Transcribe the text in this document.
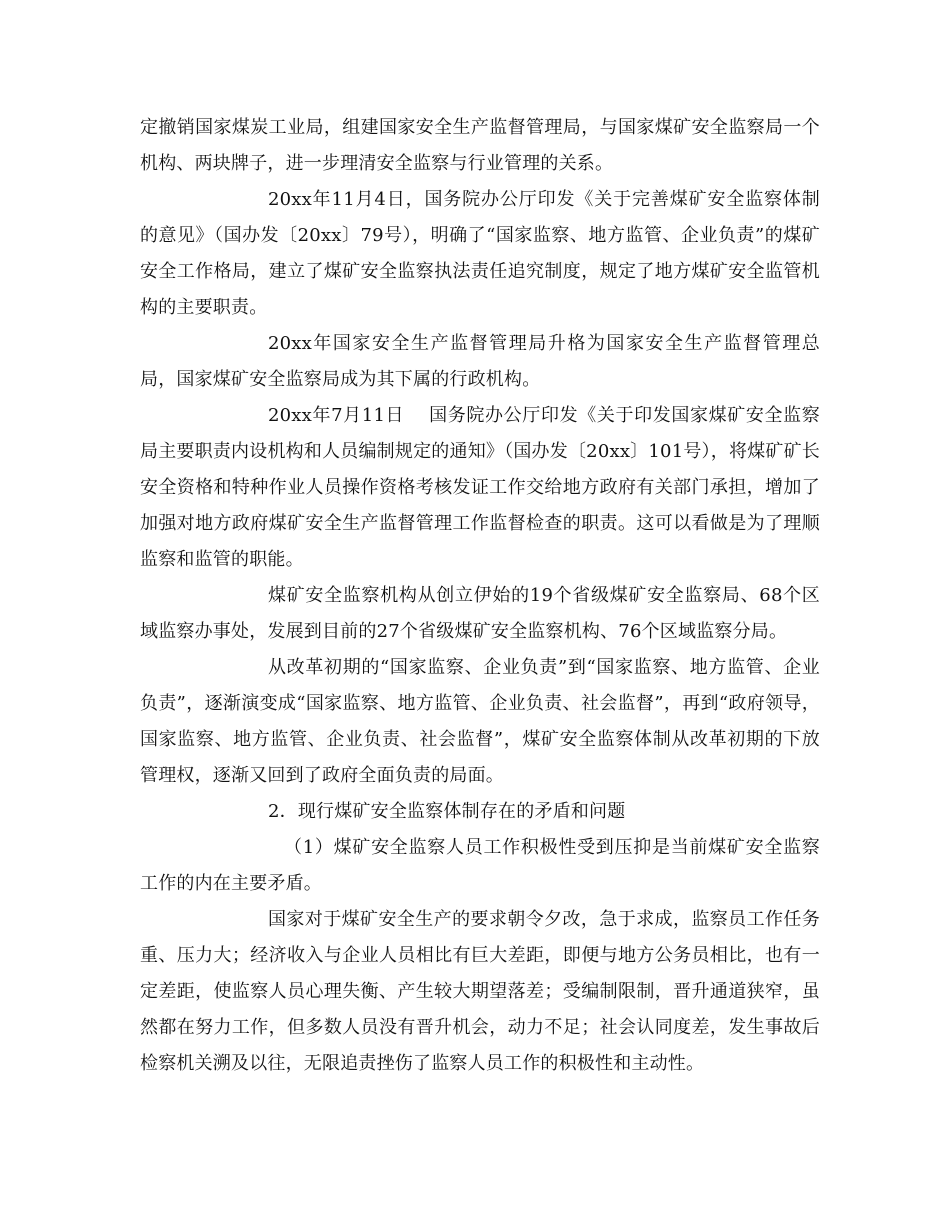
定撤销国家煤炭工业局，组建国家安全生产监督管理局，与国家煤矿安全监察局一个机构、两块牌子，进一步理清安全监察与行业管理的关系。

20xx年11月4日，国务院办公厅印发《关于完善煤矿安全监察体制的意见》（国办发〔20xx〕79号），明确了“国家监察、地方监管、企业负责”的煤矿安全工作格局，建立了煤矿安全监察执法责任追究制度，规定了地方煤矿安全监管机构的主要职责。

20xx年国家安全生产监督管理局升格为国家安全生产监督管理总局，国家煤矿安全监察局成为其下属的行政机构。

20xx年7月11日　 国务院办公厅印发《关于印发国家煤矿安全监察局主要职责内设机构和人员编制规定的通知》（国办发〔20xx〕101号），将煤矿矿长安全资格和特种作业人员操作资格考核发证工作交给地方政府有关部门承担，增加了加强对地方政府煤矿安全生产监督管理工作监督检查的职责。这可以看做是为了理顺监察和监管的职能。

煤矿安全监察机构从创立伊始的19个省级煤矿安全监察局、68个区域监察办事处，发展到目前的27个省级煤矿安全监察机构、76个区域监察分局。

从改革初期的“国家监察、企业负责”到“国家监察、地方监管、企业负责”，逐渐演变成“国家监察、地方监管、企业负责、社会监督”，再到“政府领导，国家监察、地方监管、企业负责、社会监督”，煤矿安全监察体制从改革初期的下放管理权，逐渐又回到了政府全面负责的局面。

2．现行煤矿安全监察体制存在的矛盾和问题

（1）煤矿安全监察人员工作积极性受到压抑是当前煤矿安全监察工作的内在主要矛盾。

国家对于煤矿安全生产的要求朝令夕改，急于求成，监察员工作任务重、压力大；经济收入与企业人员相比有巨大差距，即便与地方公务员相比，也有一定差距，使监察人员心理失衡、产生较大期望落差；受编制限制，晋升通道狭窄，虽然都在努力工作，但多数人员没有晋升机会，动力不足；社会认同度差，发生事故后检察机关溯及以往，无限追责挫伤了监察人员工作的积极性和主动性。
